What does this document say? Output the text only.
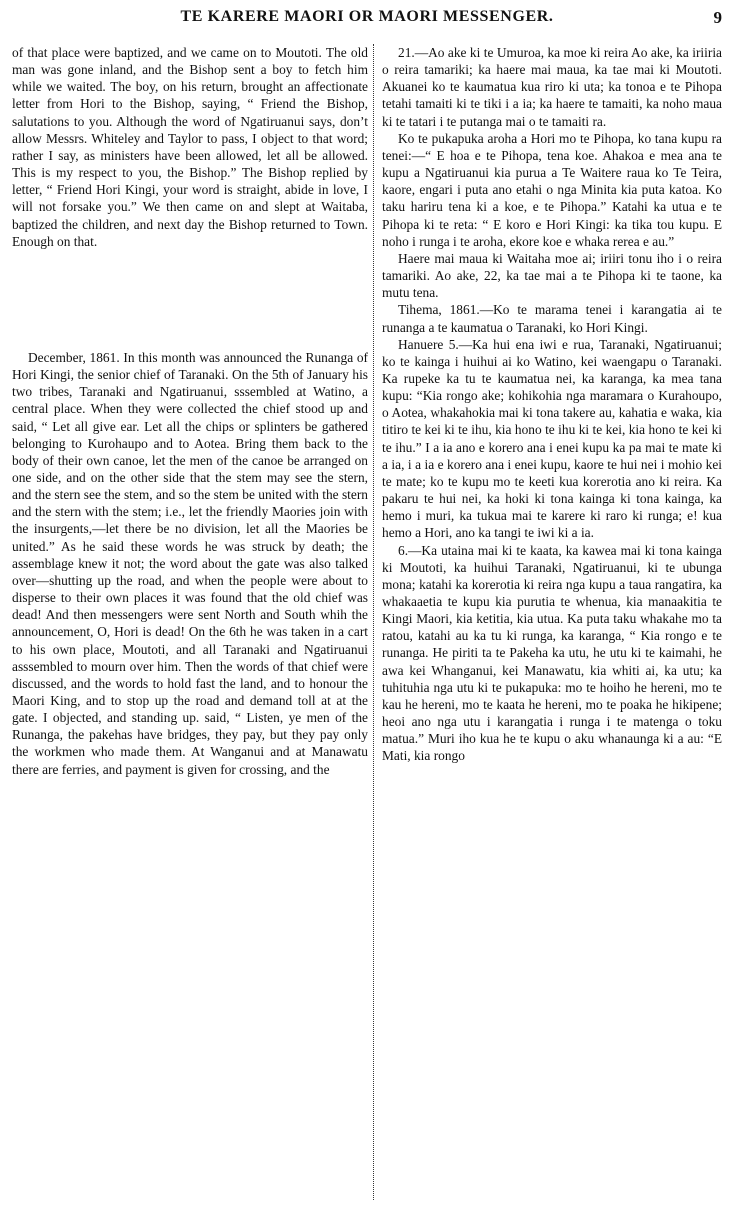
TE KARERE MAORI OR MAORI MESSENGER.	9

of that place were baptized, and we came on to Moutoti. The old man was gone inland, and the Bishop sent a boy to fetch him while we waited. The boy, on his return, brought an affectionate letter from Hori to the Bishop, saying, “ Friend the Bishop, salutations to you. Although the word of Ngatiruanui says, don’t allow Messrs. Whiteley and Taylor to pass, I object to that word; rather I say, as ministers have been allowed, let all be allowed. This is my respect to you, the Bishop.” The Bishop replied by letter, “ Friend Hori Kingi, your word is straight, abide in love, I will not forsake you.” We then came on and slept at Waitaba, baptized the children, and next day the Bishop returned to Town. Enough on that.

December, 1861. In this month was announced the Runanga of Hori Kingi, the senior chief of Taranaki. On the 5th of January his two tribes, Taranaki and Ngatiruanui, sssembled at Watino, a central place. When they were collected the chief stood up and said, “ Let all give ear. Let all the chips or splinters be gathered belonging to Kurohaupo and to Aotea. Bring them back to the body of their own canoe, let the men of the canoe be arranged on one side, and on the other side that the stem may see the stern, and the stern see the stem, and so the stem be united with the stern and the stern with the stem; i.e., let the friendly Maories join with the insurgents,—let there be no division, let all the Maories be united.” As he said these words he was struck by death; the assemblage knew it not; the word about the gate was also talked over—shutting up the road, and when the people were about to disperse to their own places it was found that the old chief was dead! And then messengers were sent North and South whih the announcement, O, Hori is dead! On the 6th he was taken in a cart to his own place, Moutoti, and all Taranaki and Ngatiruanui asssembled to mourn over him. Then the words of that chief were discussed, and the words to hold fast the land, and to honour the Maori King, and to stop up the road and demand toll at at the gate. I objected, and standing up. said, “ Listen, ye men of the Runanga, the pakehas have bridges, they pay, but they pay only the workmen who made them. At Wanganui and at Manawatu there are ferries, and payment is given for crossing, and the

21.—Ao ake ki te Umuroa, ka moe ki reira Ao ake, ka iriiria o reira tamariki; ka haere mai maua, ka tae mai ki Moutoti. Akuanei ko te kaumatua kua riro ki uta; ka tonoa e te Pihopa tetahi tamaiti ki te tiki i a ia; ka haere te tamaiti, ka noho maua ki te tatari i te putanga mai o te tamaiti ra.

Ko te pukapuka aroha a Hori mo te Pihopa, ko tana kupu ra tenei:—“ E hoa e te Pihopa, tena koe. Ahakoa e mea ana te kupu a Ngatiruanui kia purua a Te Waitere raua ko Te Teira, kaore, engari i puta ano etahi o nga Minita kia puta katoa. Ko taku hariru tena ki a koe, e te Pihopa.” Katahi ka utua e te Pihopa ki te reta: “ E koro e Hori Kingi: ka tika tou kupu. E noho i runga i te aroha, ekore koe e whaka rerea e au.”

Haere mai maua ki Waitaha moe ai; iriiri tonu iho i o reira tamariki. Ao ake, 22, ka tae mai a te Pihopa ki te taone, ka mutu tena.

Tihema, 1861.—Ko te marama tenei i karangatia ai te runanga a te kaumatua o Taranaki, ko Hori Kingi.

Hanuere 5.—Ka hui ena iwi e rua, Taranaki, Ngatiruanui; ko te kainga i huihui ai ko Watino, kei waengapu o Taranaki. Ka rupeke ka tu te kaumatua nei, ka karanga, ka mea tana kupu: “Kia rongo ake; kohikohia nga maramara o Kurahoupo, o Aotea, whakahokia mai ki tona takere au, kahatia e waka, kia titiro te kei ki te ihu, kia hono te ihu ki te kei, kia hono te kei ki te ihu.” I a ia ano e korero ana i enei kupu ka pa mai te mate ki a ia, i a ia e korero ana i enei kupu, kaore te hui nei i mohio kei te mate; ko te kupu mo te keeti kua korerotia ano ki reira. Ka pakaru te hui nei, ka hoki ki tona kainga ki tona kainga, ka hemo i muri, ka tukua mai te karere ki raro ki runga; e! kua hemo a Hori, ano ka tangi te iwi ki a ia.

6.—Ka utaina mai ki te kaata, ka kawea mai ki tona kainga ki Moutoti, ka huihui Taranaki, Ngatiruanui, ki te ubunga mona; katahi ka korerotia ki reira nga kupu a taua rangatira, ka whakaaetia te kupu kia purutia te whenua, kia manaakitia te Kingi Maori, kia ketitia, kia utua. Ka puta taku whakahe mo ta ratou, katahi au ka tu ki runga, ka karanga, “ Kia rongo e te runanga. He piriti ta te Pakeha ka utu, he utu ki te kaimahi, he awa kei Whanganui, kei Manawatu, kia whiti ai, ka utu; ka tuhituhia nga utu ki te pukapuka: mo te hoiho he hereni, mo te kau he hereni, mo te kaata he hereni, mo te poaka he hikipene; heoi ano nga utu i karangatia i runga i te matenga o toku matua.” Muri iho kua he te kupu o aku whanaunga ki a au: “E Mati, kia rongo
